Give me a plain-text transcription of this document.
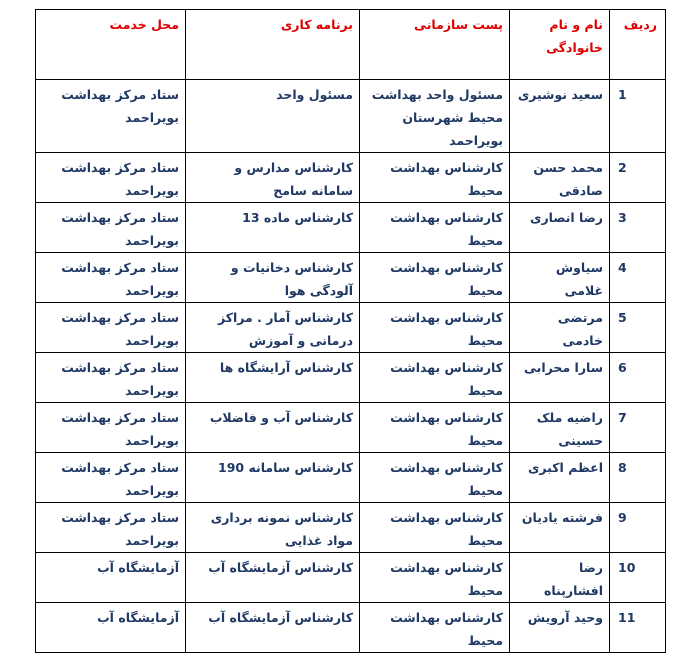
ردیف	نام و نام خانوادگی	پست سازمانی	برنامه کاری	محل خدمت
1	سعید نوشیری	مسئول واحد بهداشت محیط شهرستان بویراحمد	مسئول واحد	ستاد مرکز بهداشت بویراحمد
2	محمد حسن صادقی	کارشناس بهداشت محیط	کارشناس مدارس و سامانه سامح	ستاد مرکز بهداشت بویراحمد
3	رضا انصاری	کارشناس بهداشت محیط	کارشناس ماده 13	ستاد مرکز بهداشت بویراحمد
4	سیاوش غلامی	کارشناس بهداشت محیط	کارشناس دخانیات و آلودگی هوا	ستاد مرکز بهداشت بویراحمد
5	مرتضی خادمی	کارشناس بهداشت محیط	کارشناس آمار . مراکز درمانی و آموزش	ستاد مرکز بهداشت بویراحمد
6	سارا محرابی	کارشناس بهداشت محیط	کارشناس آرایشگاه ها	ستاد مرکز بهداشت بویراحمد
7	راضیه ملک حسینی	کارشناس بهداشت محیط	کارشناس آب و فاضلاب	ستاد مرکز بهداشت بویراحمد
8	اعظم اکبری	کارشناس بهداشت محیط	کارشناس سامانه 190	ستاد مرکز بهداشت بویراحمد
9	فرشته یادیان	کارشناس بهداشت محیط	کارشناس نمونه برداری مواد غذایی	ستاد مرکز بهداشت بویراحمد
10	رضا افشارپناه	کارشناس بهداشت محیط	کارشناس آزمایشگاه آب	آزمایشگاه آب
11	وحید آرویش	کارشناس بهداشت محیط	کارشناس آزمایشگاه آب	آزمایشگاه آب
